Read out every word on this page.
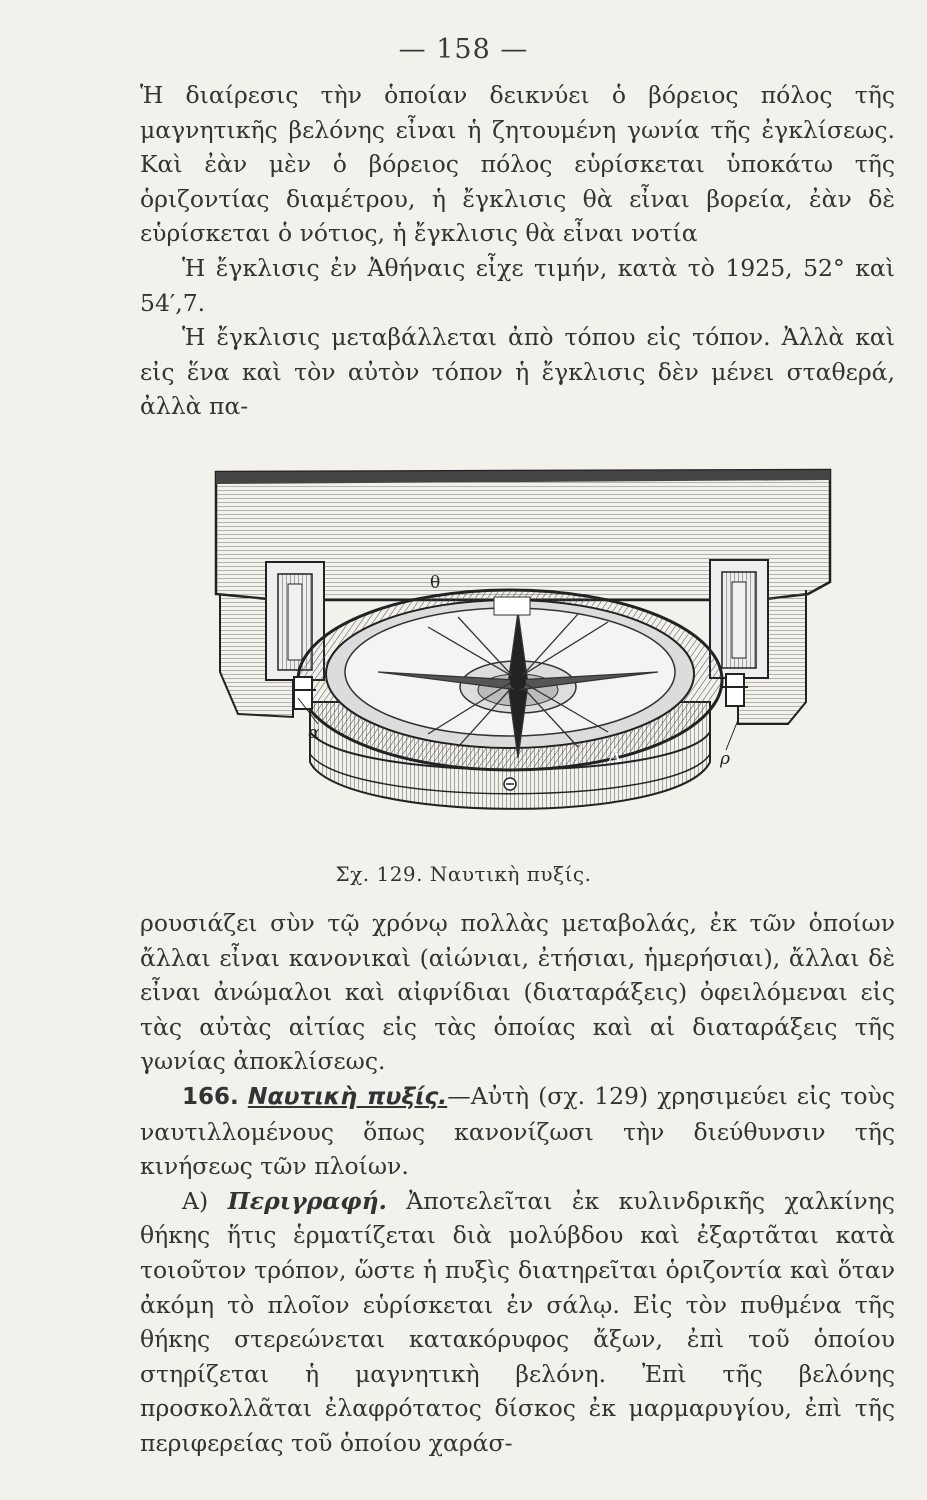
— 158 —

Ἡ διαίρεσις τὴν ὁποίαν δεικνύει ὁ βόρειος πόλος τῆς μαγνητικῆς βελόνης εἶναι ἡ ζητουμένη γωνία τῆς ἐγκλίσεως. Καὶ ἐὰν μὲν ὁ βόρειος πόλος εὑρίσκεται ὑποκάτω τῆς ὁριζοντίας διαμέτρου, ἡ ἔγκλισις θὰ εἶναι βορεία, ἐὰν δὲ εὑρίσκεται ὁ νότιος, ἡ ἔγκλισις θὰ εἶναι νοτία

Ἡ ἔγκλισις ἐν Ἀθήναις εἶχε τιμήν, κατὰ τὸ 1925, 52° καὶ 54′,7.

Ἡ ἔγκλισις μεταβάλλεται ἀπὸ τόπου εἰς τόπον. Ἀλλὰ καὶ εἰς ἕνα καὶ τὸν αὐτὸν τόπον ἡ ἔγκλισις δὲν μένει σταθερά, ἀλλὰ πα-

θ
α
ρ
A
Σχ. 129. Ναυτικὴ πυξίς.

ρουσιάζει σὺν τῷ χρόνῳ πολλὰς μεταβολάς, ἐκ τῶν ὁποίων ἄλλαι εἶναι κανονικαὶ (αἰώνιαι, ἐτήσιαι, ἡμερήσιαι), ἄλλαι δὲ εἶναι ἀνώμαλοι καὶ αἰφνίδιαι (διαταράξεις) ὀφειλόμεναι εἰς τὰς αὐτὰς αἰτίας εἰς τὰς ὁποίας καὶ αἱ διαταράξεις τῆς γωνίας ἀποκλίσεως.

166. Ναυτικὴ πυξίς.—Αὐτὴ (σχ. 129) χρησιμεύει εἰς τοὺς ναυτιλλομένους ὅπως κανονίζωσι τὴν διεύθυνσιν τῆς κινήσεως τῶν πλοίων.

Α) Περιγραφή. Ἀποτελεῖται ἐκ κυλινδρικῆς χαλκίνης θήκης ἥτις ἑρματίζεται διὰ μολύβδου καὶ ἐξαρτᾶται κατὰ τοιοῦτον τρόπον, ὥστε ἡ πυξὶς διατηρεῖται ὁριζοντία καὶ ὅταν ἀκόμη τὸ πλοῖον εὑρίσκεται ἐν σάλῳ. Εἰς τὸν πυθμένα τῆς θήκης στερεώνεται κατακόρυφος ἄξων, ἐπὶ τοῦ ὁποίου στηρίζεται ἡ μαγνητικὴ βελόνη. Ἐπὶ τῆς βελόνης προσκολλᾶται ἐλαφρότατος δίσκος ἐκ μαρμαρυγίου, ἐπὶ τῆς περιφερείας τοῦ ὁποίου χαράσ-
